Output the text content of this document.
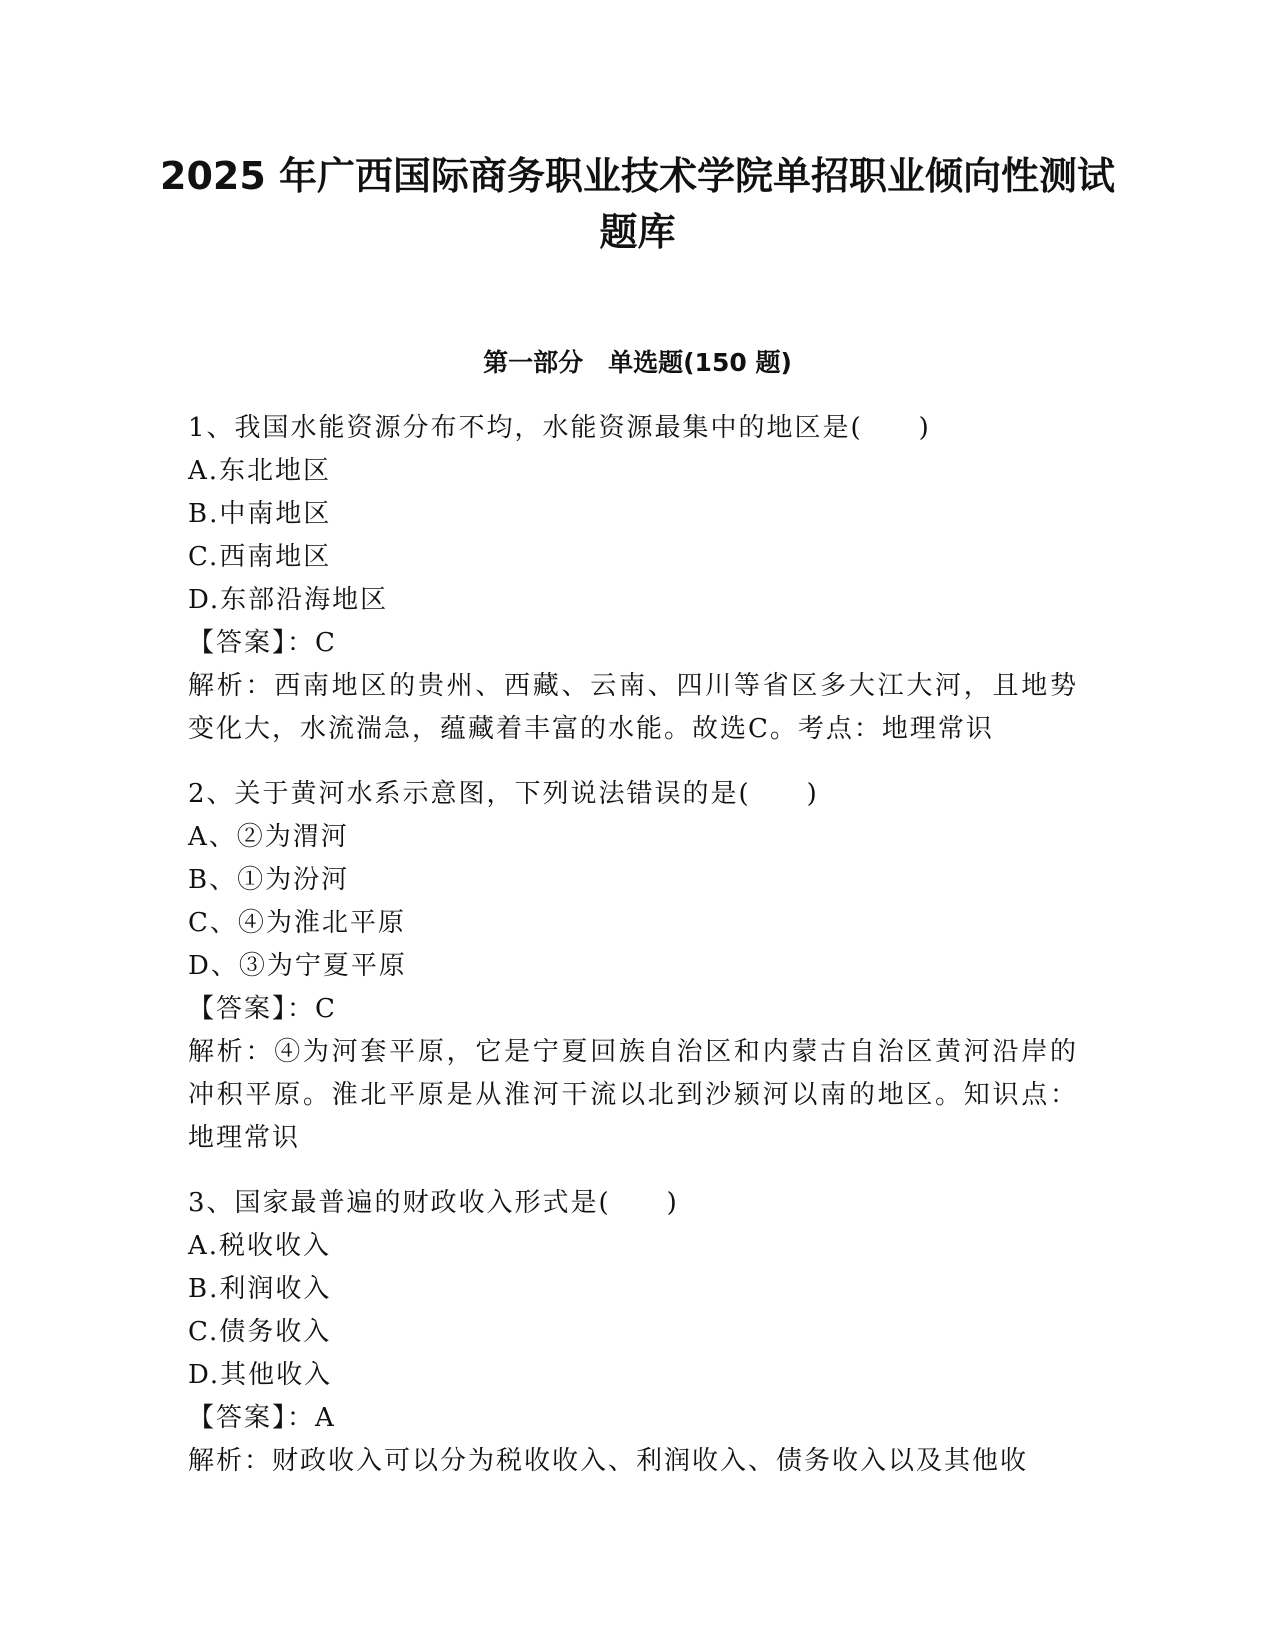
2025 年广西国际商务职业技术学院单招职业倾向性测试题库
第一部分　单选题(150 题)
1、我国水能资源分布不均，水能资源最集中的地区是(　　)
A.东北地区
B.中南地区
C.西南地区
D.东部沿海地区
【答案】：C
解析：西南地区的贵州、西藏、云南、四川等省区多大江大河，且地势变化大，水流湍急，蕴藏着丰富的水能。故选C。考点：地理常识
2、关于黄河水系示意图，下列说法错误的是(　　)
A、②为渭河
B、①为汾河
C、④为淮北平原
D、③为宁夏平原
【答案】：C
解析：④为河套平原，它是宁夏回族自治区和内蒙古自治区黄河沿岸的冲积平原。淮北平原是从淮河干流以北到沙颍河以南的地区。知识点：地理常识
3、国家最普遍的财政收入形式是(　　)
A.税收收入
B.利润收入
C.债务收入
D.其他收入
【答案】：A
解析：财政收入可以分为税收收入、利润收入、债务收入以及其他收
